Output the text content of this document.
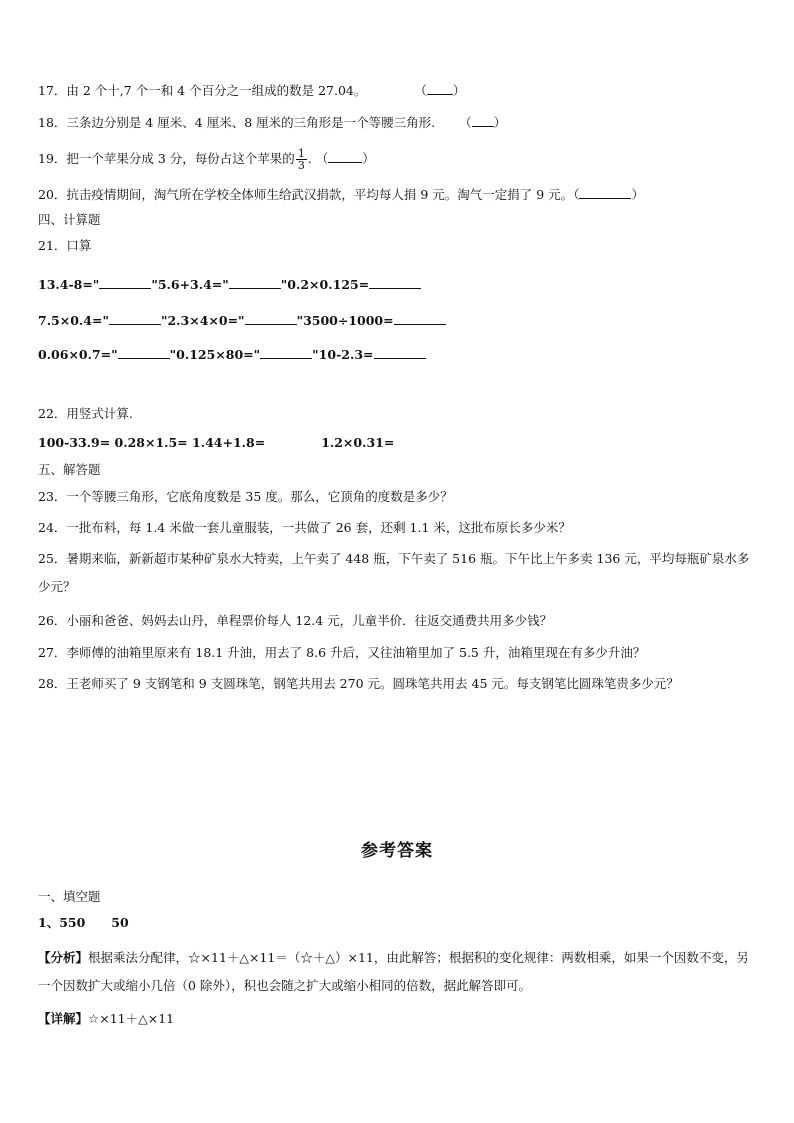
17．由 2 个十,7 个一和 4 个百分之一组成的数是 27.04。	（ ）
18．三条边分别是 4 厘米、4 厘米、8 厘米的三角形是一个等腰三角形. （ ）
19．把一个苹果分成 3 分，每份占这个苹果的 $\frac{1}{3}$ . （	）
20．抗击疫情期间，淘气所在学校全体师生给武汉捐款，平均每人捐 9 元。淘气一定捐了 9 元。（	）
四、计算题
21．口算
13.4-8="	"5.6+3.4="	"0.2×0.125=
7.5×0.4="	"2.3×4×0="	"3500÷1000=
0.06×0.7="	"0.125×80="	"10-2.3=
22．用竖式计算.
100-33.9= 0.28×1.5= 1.44+1.8=	1.2×0.31=
五、解答题
23．一个等腰三角形，它底角度数是 35 度。那么，它顶角的度数是多少？
24．一批布料，每 1.4 米做一套儿童服装，一共做了 26 套，还剩 1.1 米，这批布原长多少米？
25．暑期来临，新新超市某种矿泉水大特卖，上午卖了 448 瓶，下午卖了 516 瓶。下午比上午多卖 136 元，平均每瓶矿泉水多少元？
26．小丽和爸爸、妈妈去山丹，单程票价每人 12.4 元，儿童半价．往返交通费共用多少钱？
27．李师傅的油箱里原来有 18.1 升油，用去了 8.6 升后，又往油箱里加了 5.5 升，油箱里现在有多少升油？
28．王老师买了 9 支钢笔和 9 支圆珠笔，钢笔共用去 270 元。圆珠笔共用去 45 元。每支钢笔比圆珠笔贵多少元？
参考答案
一、填空题
1、550 50
【分析】根据乘法分配律，☆×11＋△×11＝（☆＋△）×11，由此解答；根据积的变化规律：两数相乘，如果一个因数不变，另一个因数扩大或缩小几倍（0 除外），积也会随之扩大或缩小相同的倍数，据此解答即可。
【详解】☆×11＋△×11
